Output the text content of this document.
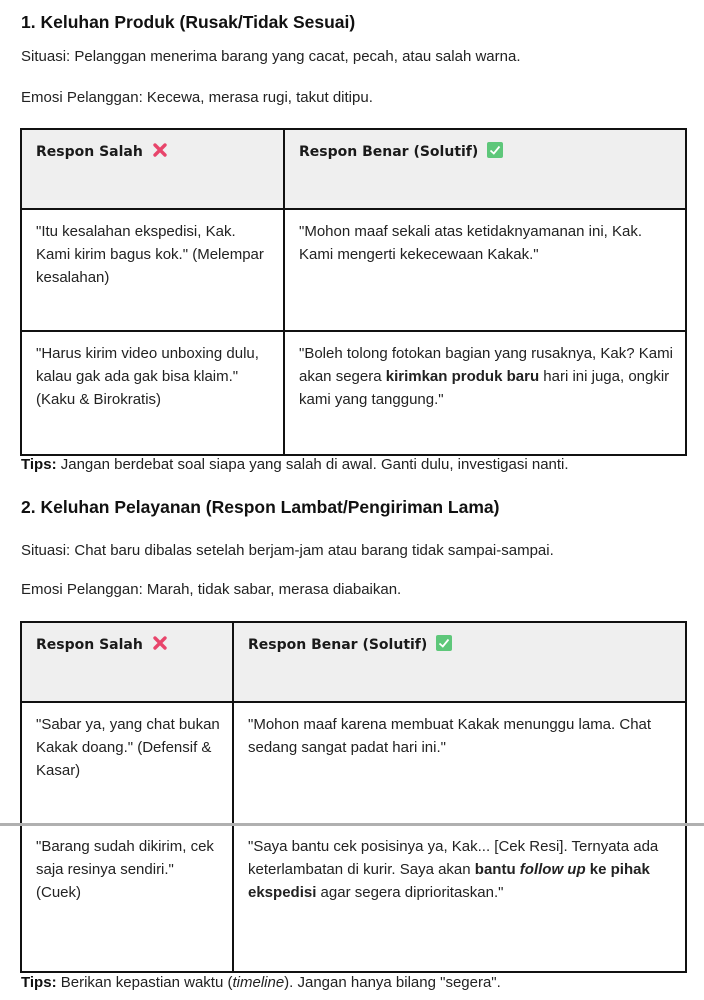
1. Keluhan Produk (Rusak/Tidak Sesuai)

Situasi: Pelanggan menerima barang yang cacat, pecah, atau salah warna.

Emosi Pelanggan: Kecewa, merasa rugi, takut ditipu.

Respon Salah	Respon Benar (Solutif)
"Itu kesalahan ekspedisi, Kak. Kami kirim bagus kok." (Melempar kesalahan)	"Mohon maaf sekali atas ketidaknyamanan ini, Kak. Kami mengerti kekecewaan Kakak."
"Harus kirim video unboxing dulu, kalau gak ada gak bisa klaim." (Kaku & Birokratis)	"Boleh tolong fotokan bagian yang rusaknya, Kak? Kami akan segera kirimkan produk baru hari ini juga, ongkir kami yang tanggung."
Tips: Jangan berdebat soal siapa yang salah di awal. Ganti dulu, investigasi nanti.
2. Keluhan Pelayanan (Respon Lambat/Pengiriman Lama)

Situasi: Chat baru dibalas setelah berjam-jam atau barang tidak sampai-sampai.

Emosi Pelanggan: Marah, tidak sabar, merasa diabaikan.

Respon Salah	Respon Benar (Solutif)
"Sabar ya, yang chat bukan Kakak doang." (Defensif & Kasar)	"Mohon maaf karena membuat Kakak menunggu lama. Chat sedang sangat padat hari ini."
"Barang sudah dikirim, cek saja resinya sendiri." (Cuek)	"Saya bantu cek posisinya ya, Kak... [Cek Resi]. Ternyata ada keterlambatan di kurir. Saya akan bantu follow up ke pihak ekspedisi agar segera diprioritaskan."
Tips: Berikan kepastian waktu (timeline). Jangan hanya bilang "segera".
